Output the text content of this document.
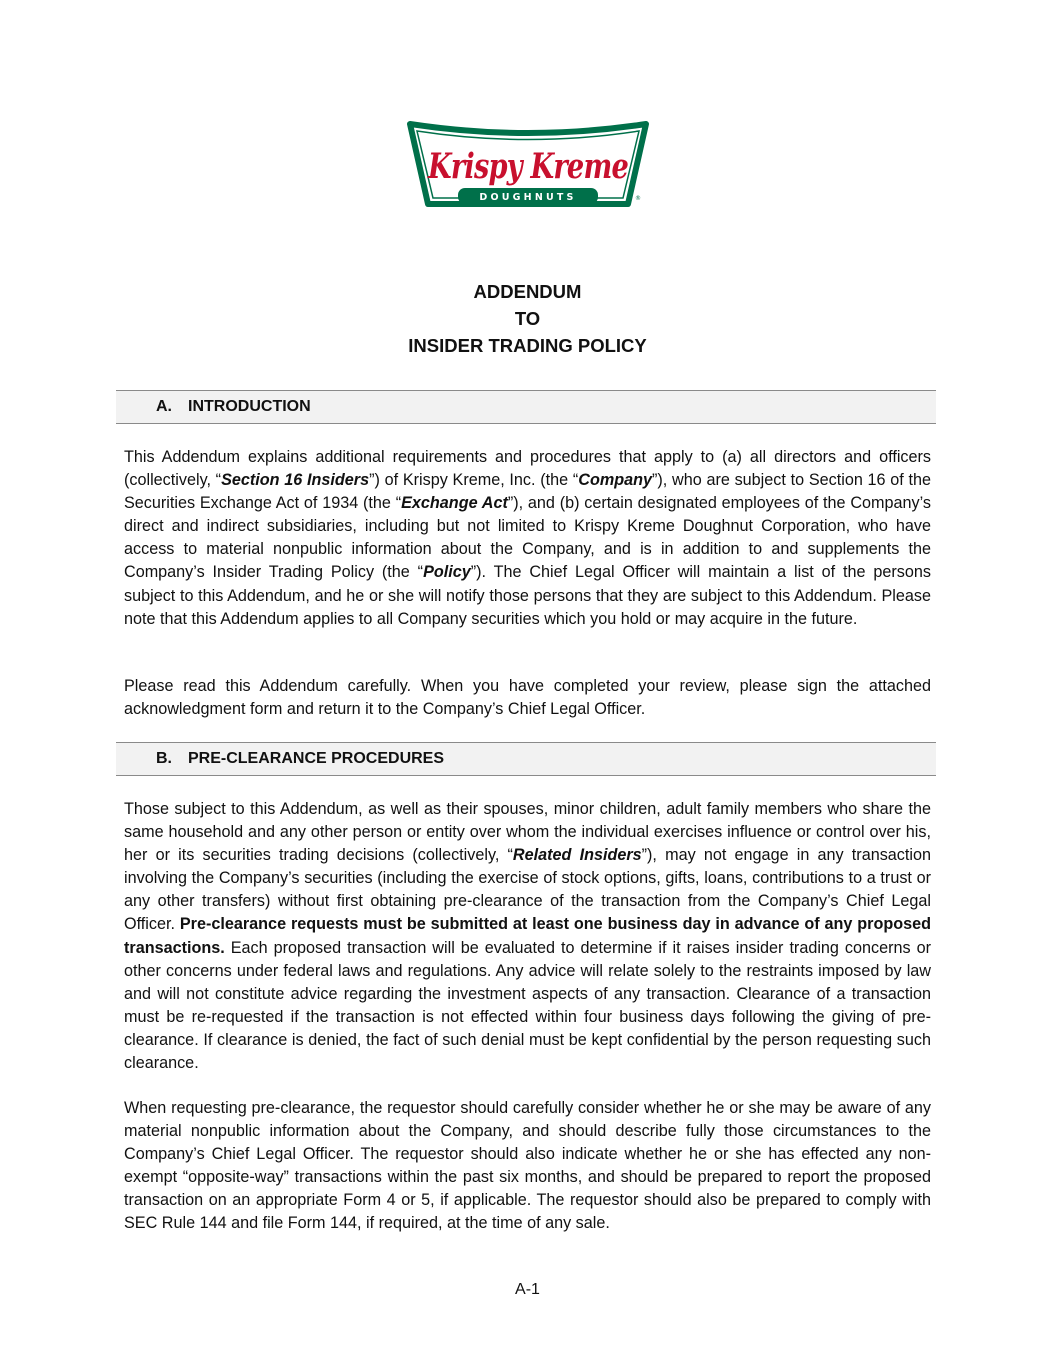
Krispy Kreme
DOUGHNUTS	®
ADDENDUM
TO
INSIDER TRADING POLICY
A. INTRODUCTION

This Addendum explains additional requirements and procedures that apply to (a) all directors and officers (collectively, “Section 16 Insiders”) of Krispy Kreme, Inc. (the “Company”), who are subject to Section 16 of the Securities Exchange Act of 1934 (the “Exchange Act”), and (b) certain designated employees of the Company’s direct and indirect subsidiaries, including but not limited to Krispy Kreme Doughnut Corporation, who have access to material nonpublic information about the Company, and is in addition to and supplements the Company’s Insider Trading Policy (the “Policy”). The Chief Legal Officer will maintain a list of the persons subject to this Addendum, and he or she will notify those persons that they are subject to this Addendum. Please note that this Addendum applies to all Company securities which you hold or may acquire in the future.

Please read this Addendum carefully. When you have completed your review, please sign the attached acknowledgment form and return it to the Company’s Chief Legal Officer.

B. PRE-CLEARANCE PROCEDURES

Those subject to this Addendum, as well as their spouses, minor children, adult family members who share the same household and any other person or entity over whom the individual exercises influence or control over his, her or its securities trading decisions (collectively, “Related Insiders”), may not engage in any transaction involving the Company’s securities (including the exercise of stock options, gifts, loans, contributions to a trust or any other transfers) without first obtaining pre-clearance of the transaction from the Company’s Chief Legal Officer. Pre-clearance requests must be submitted at least one business day in advance of any proposed transactions. Each proposed transaction will be evaluated to determine if it raises insider trading concerns or other concerns under federal laws and regulations. Any advice will relate solely to the restraints imposed by law and will not constitute advice regarding the investment aspects of any transaction. Clearance of a transaction must be re-requested if the transaction is not effected within four business days following the giving of pre-clearance. If clearance is denied, the fact of such denial must be kept confidential by the person requesting such clearance.

When requesting pre-clearance, the requestor should carefully consider whether he or she may be aware of any material nonpublic information about the Company, and should describe fully those circumstances to the Company’s Chief Legal Officer. The requestor should also indicate whether he or she has effected any non-exempt “opposite-way” transactions within the past six months, and should be prepared to report the proposed transaction on an appropriate Form 4 or 5, if applicable. The requestor should also be prepared to comply with SEC Rule 144 and file Form 144, if required, at the time of any sale.

A-1
